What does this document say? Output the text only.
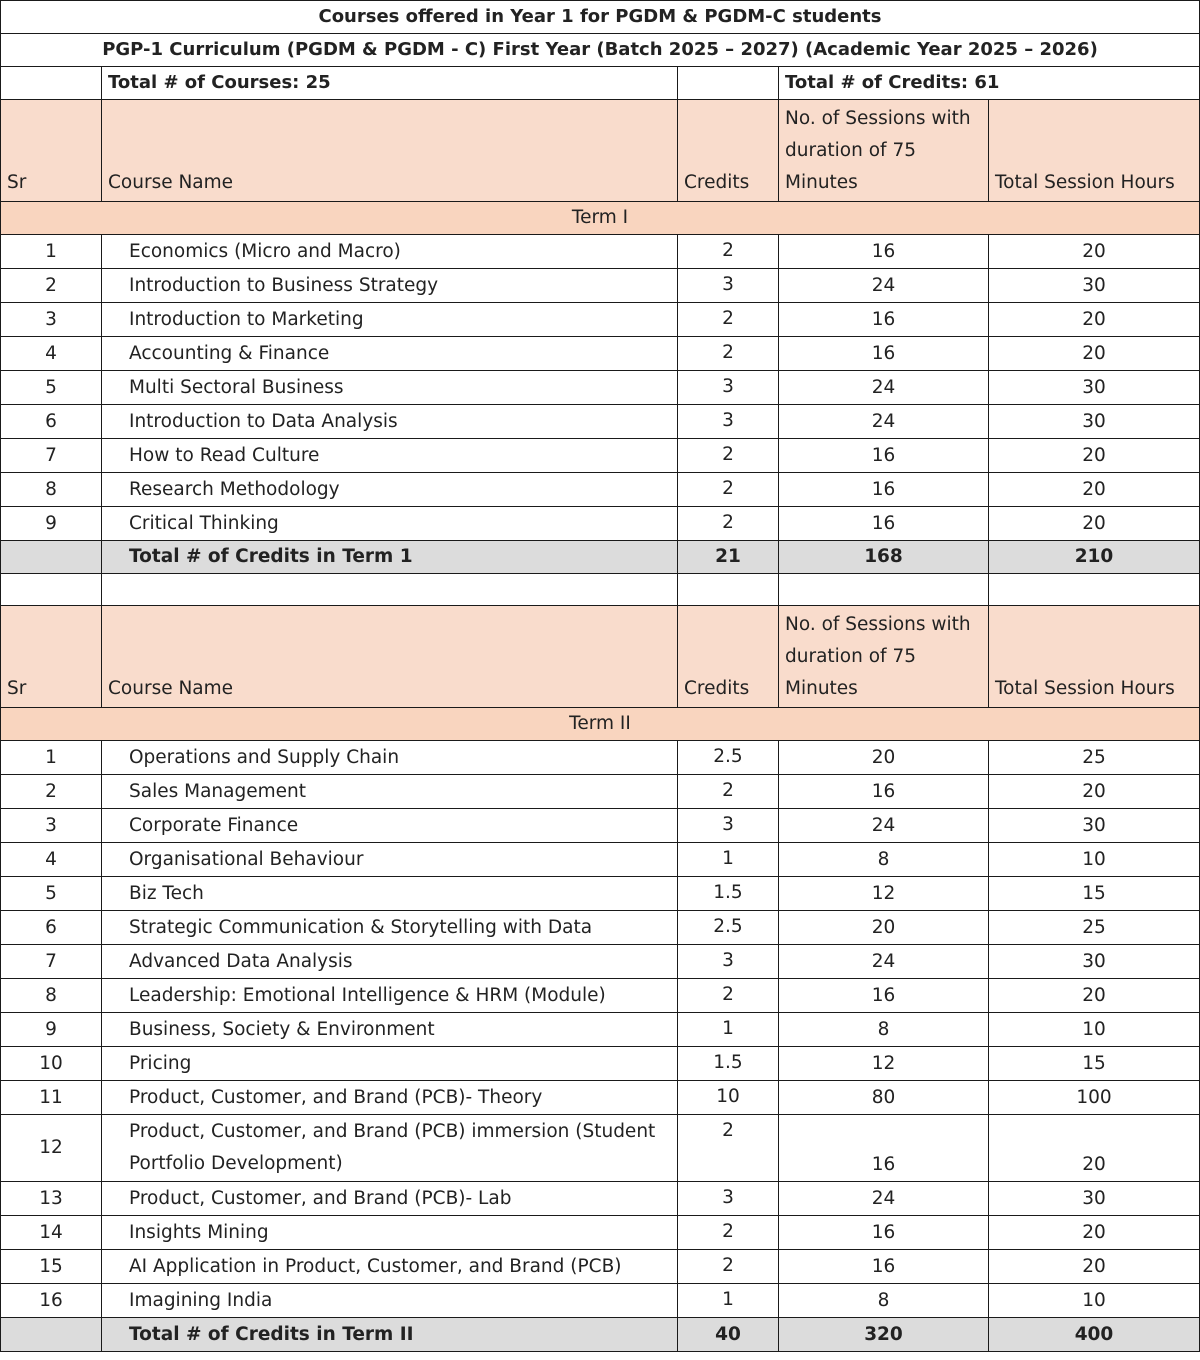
Courses offered in Year 1 for PGDM & PGDM-C students				
PGP-1 Curriculum (PGDM & PGDM - C) First Year (Batch 2025 – 2027) (Academic Year 2025 – 2026)				
	Total # of Courses: 25		Total # of Credits: 61	
Sr	Course Name	Credits	No. of Sessions with duration of 75 Minutes	Total Session Hours
Term I				
1	Economics (Micro and Macro)	2	16	20
2	Introduction to Business Strategy	3	24	30
3	Introduction to Marketing	2	16	20
4	Accounting & Finance	2	16	20
5	Multi Sectoral Business	3	24	30
6	Introduction to Data Analysis	3	24	30
7	How to Read Culture	2	16	20
8	Research Methodology	2	16	20
9	Critical Thinking	2	16	20
	Total # of Credits in Term 1	21	168	210

Sr	Course Name	Credits	No. of Sessions with duration of 75 Minutes	Total Session Hours
Term II				
1	Operations and Supply Chain	2.5	20	25
2	Sales Management	2	16	20
3	Corporate Finance	3	24	30
4	Organisational Behaviour	1	8	10
5	Biz Tech	1.5	12	15
6	Strategic Communication & Storytelling with Data	2.5	20	25
7	Advanced Data Analysis	3	24	30
8	Leadership: Emotional Intelligence & HRM (Module)	2	16	20
9	Business, Society & Environment	1	8	10
10	Pricing	1.5	12	15
11	Product, Customer, and Brand (PCB)- Theory	10	80	100
12	Product, Customer, and Brand (PCB) immersion (Student Portfolio Development)	2	16	20
13	Product, Customer, and Brand (PCB)- Lab	3	24	30
14	Insights Mining	2	16	20
15	AI Application in Product, Customer, and Brand (PCB)	2	16	20
16	Imagining India	1	8	10
	Total # of Credits in Term II	40	320	400
